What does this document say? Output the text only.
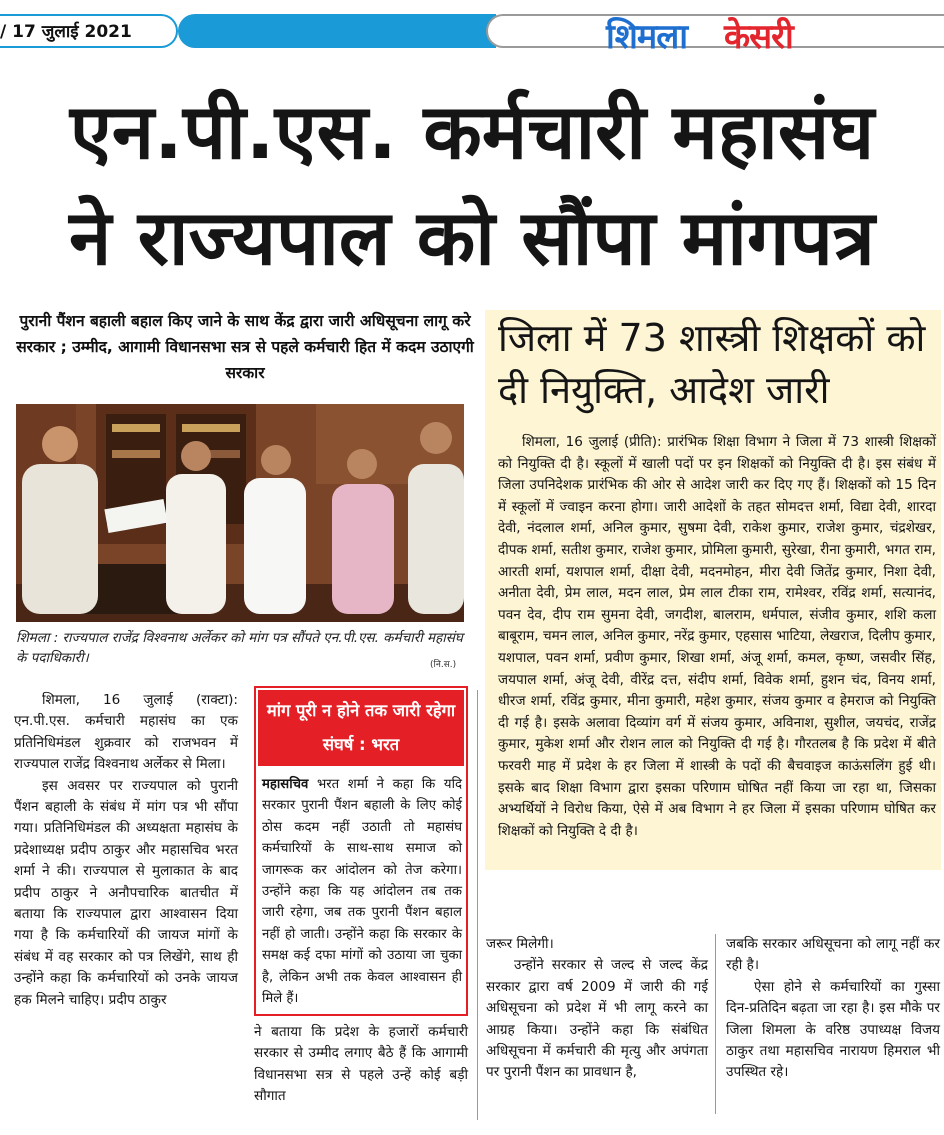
/ 17 जुलाई 2021	शिमला केसरी
एन.पी.एस. कर्मचारी महासंघ
ने राज्यपाल को सौंपा मांगपत्र
पुरानी पैंशन बहाली बहाल किए जाने के साथ केंद्र द्वारा जारी अधिसूचना लागू करे सरकार ; उम्मीद, आगामी विधानसभा सत्र से पहले कर्मचारी हित में कदम उठाएगी सरकार
शिमला : राज्यपाल राजेंद्र विश्वनाथ अर्लेकर को मांग पत्र सौंपते एन.पी.एस. कर्मचारी महासंघ के पदाधिकारी।	(नि.स.)

शिमला, 16 जुलाई (राक्टा): एन.पी.एस. कर्मचारी महासंघ का एक प्रतिनिधिमंडल शुक्रवार को राजभवन में राज्यपाल राजेंद्र विश्वनाथ अर्लेकर से मिला।

इस अवसर पर राज्यपाल को पुरानी पैंशन बहाली के संबंध में मांग पत्र भी सौंपा गया। प्रतिनिधिमंडल की अध्यक्षता महासंघ के प्रदेशाध्यक्ष प्रदीप ठाकुर और महासचिव भरत शर्मा ने की। राज्यपाल से मुलाकात के बाद प्रदीप ठाकुर ने अनौपचारिक बातचीत में बताया कि राज्यपाल द्वारा आश्वासन दिया गया है कि कर्मचारियों की जायज मांगों के संबंध में वह सरकार को पत्र लिखेंगे, साथ ही उन्होंने कहा कि कर्मचारियों को उनके जायज हक मिलने चाहिए। प्रदीप ठाकुर

मांग पूरी न होने तक जारी रहेगा संघर्ष : भरत
महासचिव भरत शर्मा ने कहा कि यदि सरकार पुरानी पैंशन बहाली के लिए कोई ठोस कदम नहीं उठाती तो महासंघ कर्मचारियों के साथ-साथ समाज को जागरूक कर आंदोलन को तेज करेगा। उन्होंने कहा कि यह आंदोलन तब तक जारी रहेगा, जब तक पुरानी पैंशन बहाल नहीं हो जाती। उन्होंने कहा कि सरकार के समक्ष कई दफा मांगों को उठाया जा चुका है, लेकिन अभी तक केवल आश्वासन ही मिले हैं।
ने बताया कि प्रदेश के हजारों कर्मचारी सरकार से उम्मीद लगाए बैठे हैं कि आगामी विधानसभा सत्र से पहले उन्हें कोई बड़ी सौगात
जिला में 73 शास्त्री शिक्षकों को दी नियुक्ति, आदेश जारी
शिमला, 16 जुलाई (प्रीति): प्रारंभिक शिक्षा विभाग ने जिला में 73 शास्त्री शिक्षकों को नियुक्ति दी है। स्कूलों में खाली पदों पर इन शिक्षकों को नियुक्ति दी है। इस संबंध में जिला उपनिदेशक प्रारंभिक की ओर से आदेश जारी कर दिए गए हैं। शिक्षकों को 15 दिन में स्कूलों में ज्वाइन करना होगा। जारी आदेशों के तहत सोमदत्त शर्मा, विद्या देवी, शारदा देवी, नंदलाल शर्मा, अनिल कुमार, सुषमा देवी, राकेश कुमार, राजेश कुमार, चंद्रशेखर, दीपक शर्मा, सतीश कुमार, राजेश कुमार, प्रोमिला कुमारी, सुरेखा, रीना कुमारी, भगत राम, आरती शर्मा, यशपाल शर्मा, दीक्षा देवी, मदनमोहन, मीरा देवी जितेंद्र कुमार, निशा देवी, अनीता देवी, प्रेम लाल, मदन लाल, प्रेम लाल टीका राम, रामेश्वर, रविंद्र शर्मा, सत्यानंद, पवन देव, दीप राम सुमना देवी, जगदीश, बालराम, धर्मपाल, संजीव कुमार, शशि कला बाबूराम, चमन लाल, अनिल कुमार, नरेंद्र कुमार, एहसास भाटिया, लेखराज, दिलीप कुमार, यशपाल, पवन शर्मा, प्रवीण कुमार, शिखा शर्मा, अंजू शर्मा, कमल, कृष्ण, जसवीर सिंह, जयपाल शर्मा, अंजू देवी, वीरेंद्र दत्त, संदीप शर्मा, विवेक शर्मा, हुशन चंद, विनय शर्मा, धीरज शर्मा, रविंद्र कुमार, मीना कुमारी, महेश कुमार, संजय कुमार व हेमराज को नियुक्ति दी गई है। इसके अलावा दिव्यांग वर्ग में संजय कुमार, अविनाश, सुशील, जयचंद, राजेंद्र कुमार, मुकेश शर्मा और रोशन लाल को नियुक्ति दी गई है। गौरतलब है कि प्रदेश में बीते फरवरी माह में प्रदेश के हर जिला में शास्त्री के पदों की बैचवाइज काऊंसलिंग हुई थी। इसके बाद शिक्षा विभाग द्वारा इसका परिणाम घोषित नहीं किया जा रहा था, जिसका अभ्यर्थियों ने विरोध किया, ऐसे में अब विभाग ने हर जिला में इसका परिणाम घोषित कर शिक्षकों को नियुक्ति दे दी है।

जरूर मिलेगी।

उन्होंने सरकार से जल्द से जल्द केंद्र सरकार द्वारा वर्ष 2009 में जारी की गई अधिसूचना को प्रदेश में भी लागू करने का आग्रह किया। उन्होंने कहा कि संबंधित अधिसूचना में कर्मचारी की मृत्यु और अपंगता पर पुरानी पैंशन का प्रावधान है,

जबकि सरकार अधिसूचना को लागू नहीं कर रही है।

ऐसा होने से कर्मचारियों का गुस्सा दिन-प्रतिदिन बढ़ता जा रहा है। इस मौके पर जिला शिमला के वरिष्ठ उपाध्यक्ष विजय ठाकुर तथा महासचिव नारायण हिमराल भी उपस्थित रहे।
